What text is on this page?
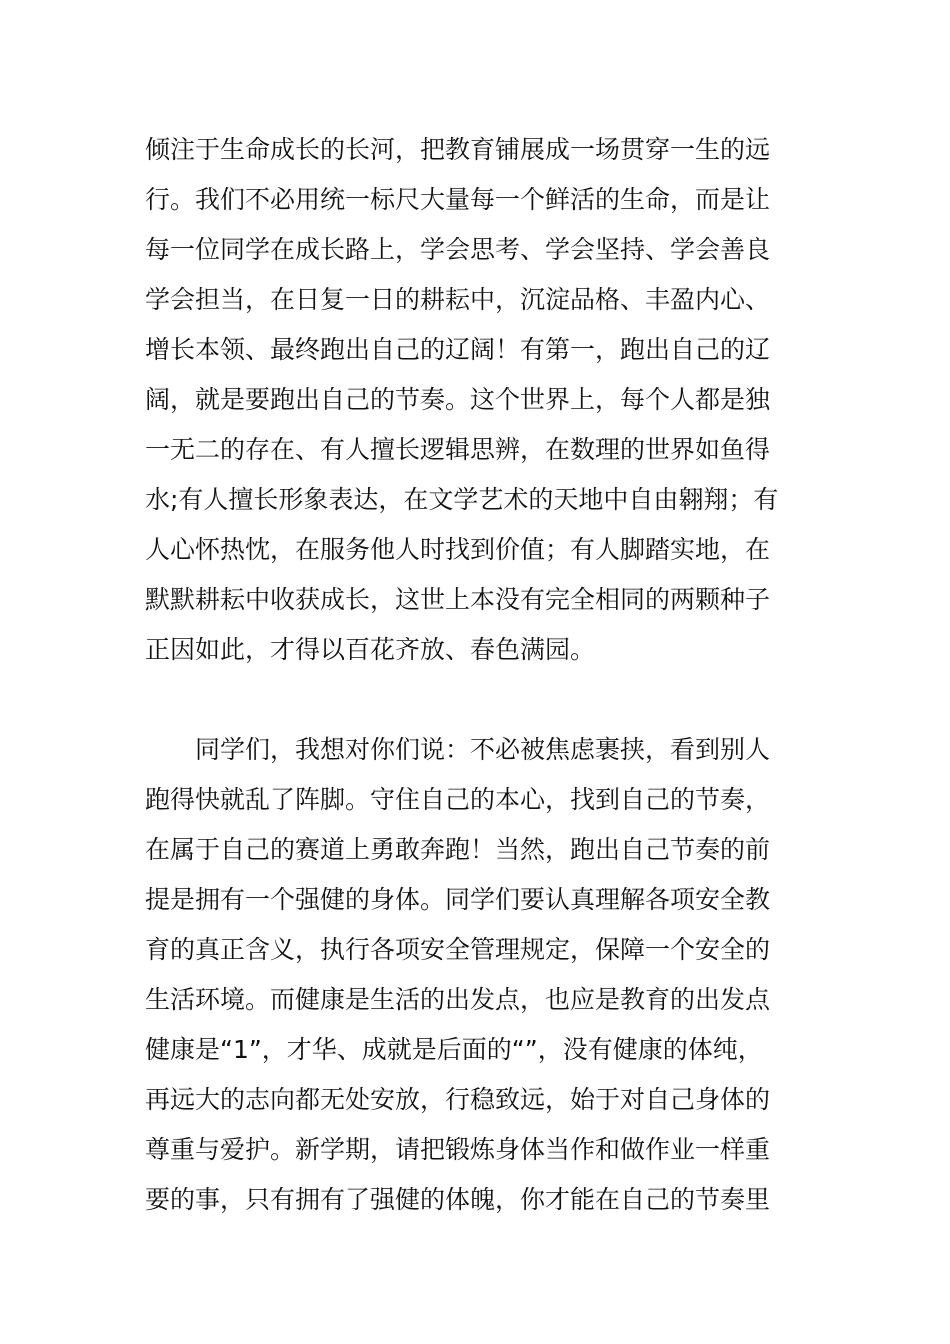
倾注于生命成长的长河，把教育铺展成一场贯穿一生的远
行。我们不必用统一标尺大量每一个鲜活的生命，而是让
每一位同学在成长路上，学会思考、学会坚持、学会善良
学会担当，在日复一日的耕耘中，沉淀品格、丰盈内心、
增长本领、最终跑出自己的辽阔！有第一，跑出自己的辽
阔，就是要跑出自己的节奏。这个世界上，每个人都是独
一无二的存在、有人擅长逻辑思辨，在数理的世界如鱼得
水;有人擅长形象表达，在文学艺术的天地中自由翱翔；有
人心怀热忱，在服务他人时找到价值；有人脚踏实地，在
默默耕耘中收获成长，这世上本没有完全相同的两颗种子
正因如此，才得以百花齐放、春色满园。
同学们，我想对你们说：不必被焦虑裹挟，看到别人
跑得快就乱了阵脚。守住自己的本心，找到自己的节奏，
在属于自己的赛道上勇敢奔跑！当然，跑出自己节奏的前
提是拥有一个强健的身体。同学们要认真理解各项安全教
育的真正含义，执行各项安全管理规定，保障一个安全的
生活环境。而健康是生活的出发点，也应是教育的出发点
健康是“1”，才华、成就是后面的“”，没有健康的体纯，
再远大的志向都无处安放，行稳致远，始于对自己身体的
尊重与爱护。新学期，请把锻炼身体当作和做作业一样重
要的事，只有拥有了强健的体魄，你才能在自己的节奏里
